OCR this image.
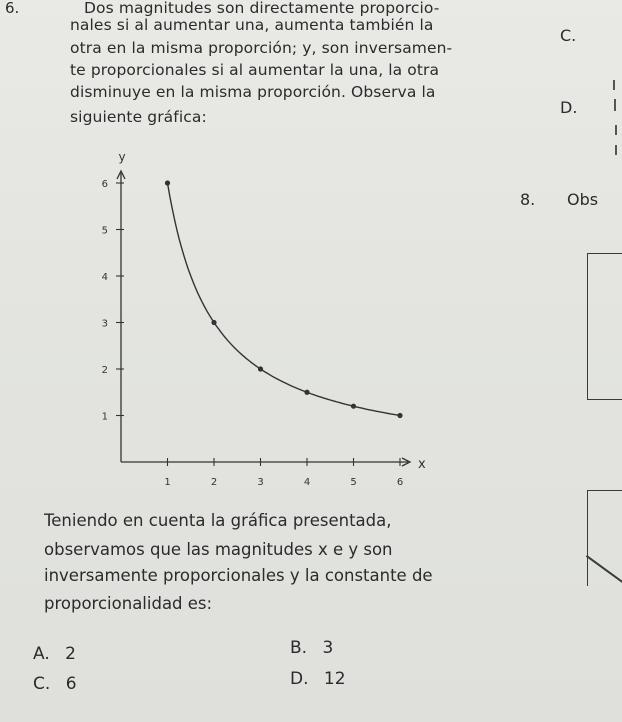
6.	Dos magnitudes son directamente proporcio-
nales si al aumentar una, aumenta también la
otra en la misma proporción; y, son inversamen-
te proporcionales si al aumentar la una, la otra
disminuye en la misma proporción. Observa la
siguiente gráfica:
C.
D.
8. Obs
y
x
1	2	3	4	5	6
1
2
3
4
5
6
Teniendo en cuenta la gráfica presentada,
observamos que las magnitudes x e y son
inversamente proporcionales y la constante de
proporcionalidad es:
A. 2	B. 3
C. 6	D. 12
